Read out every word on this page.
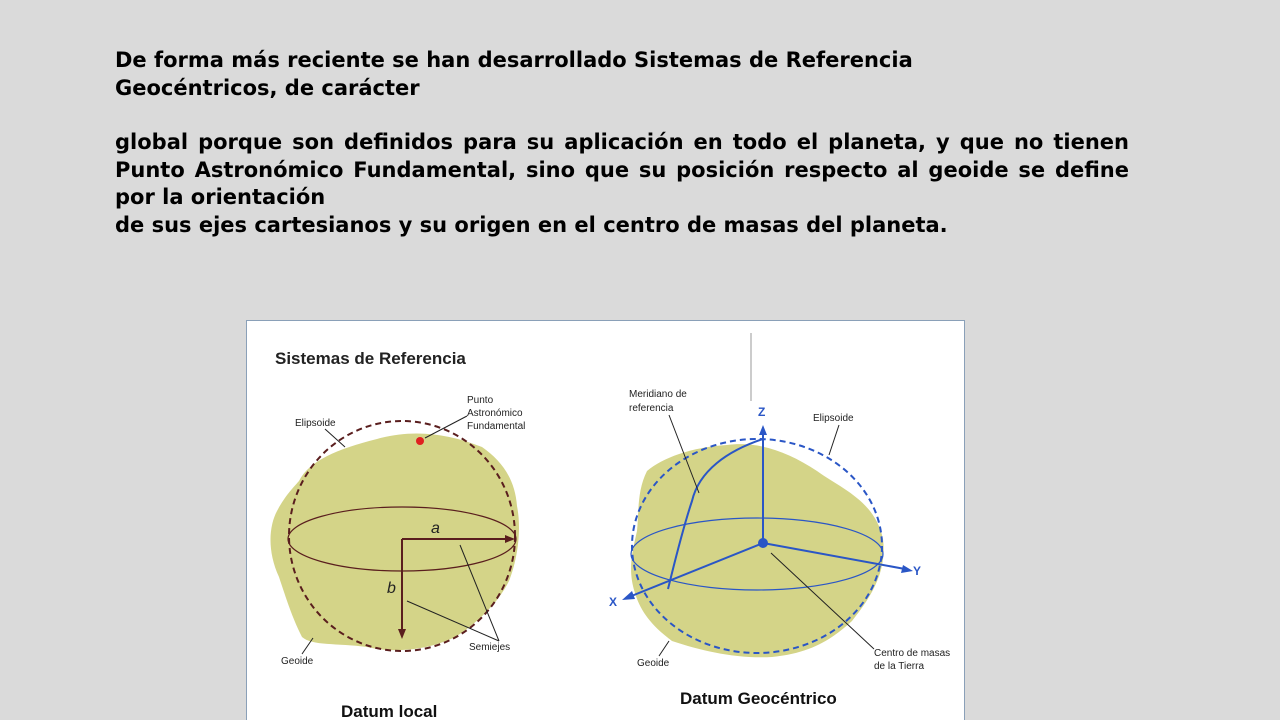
De forma más reciente se han desarrollado Sistemas de Referencia

Geocéntricos, de carácter

global porque son definidos para su aplicación en todo el planeta, y que no tienen Punto Astronómico Fundamental, sino que su posición respecto al geoide se define por la orientación

de sus ejes cartesianos y su origen en el centro de masas del planeta.

Sistemas de Referencia
a
b
Elipsoide
Punto
Astronómico
Fundamental
Semiejes
Geoide
Datum local
Z
Y
X
Meridiano de
referencia
Elipsoide
Centro de masas
de la Tierra
Geoide
Datum Geocéntrico
